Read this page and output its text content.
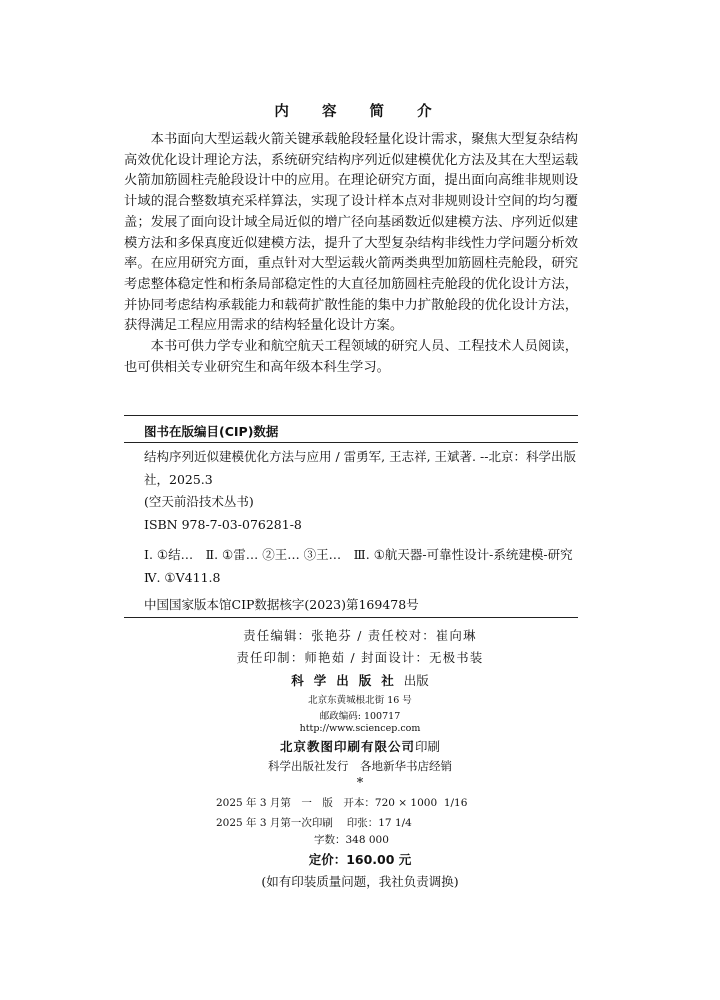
内 容 简 介

本书面向大型运载火箭关键承载舱段轻量化设计需求，聚焦大型复杂结构高效优化设计理论方法，系统研究结构序列近似建模优化方法及其在大型运载火箭加筋圆柱壳舱段设计中的应用。在理论研究方面，提出面向高维非规则设计域的混合整数填充采样算法，实现了设计样本点对非规则设计空间的均匀覆盖；发展了面向设计域全局近似的增广径向基函数近似建模方法、序列近似建模方法和多保真度近似建模方法，提升了大型复杂结构非线性力学问题分析效率。在应用研究方面，重点针对大型运载火箭两类典型加筋圆柱壳舱段，研究考虑整体稳定性和桁条局部稳定性的大直径加筋圆柱壳舱段的优化设计方法，并协同考虑结构承载能力和载荷扩散性能的集中力扩散舱段的优化设计方法，获得满足工程应用需求的结构轻量化设计方案。

本书可供力学专业和航空航天工程领域的研究人员、工程技术人员阅读，也可供相关专业研究生和高年级本科生学习。

图书在版编目(CIP)数据
结构序列近似建模优化方法与应用 / 雷勇军, 王志祥, 王斌著. --北京：科学出版社，2025.3
(空天前沿技术丛书)
ISBN 978-7-03-076281-8
Ⅰ. ①结…　Ⅱ. ①雷… ②王… ③王…　Ⅲ. ①航天器-可靠性设计-系统建模-研究　Ⅳ. ①V411.8
中国国家版本馆CIP数据核字(2023)第169478号
责任编辑：张艳芬 / 责任校对：崔向琳
责任印制：师艳茹 / 封面设计：无极书装
科学出版社出版
北京东黄城根北街 16 号
邮政编码: 100717
http://www.sciencep.com
北京教图印刷有限公司印刷
科学出版社发行　各地新华书店经销
*
2025 年 3 月第　一　版　开本：720 × 1000  1/16
2025 年 3 月第一次印刷　 印张：17 1/4
字数：348 000
定价：160.00 元
(如有印装质量问题，我社负责调换)
